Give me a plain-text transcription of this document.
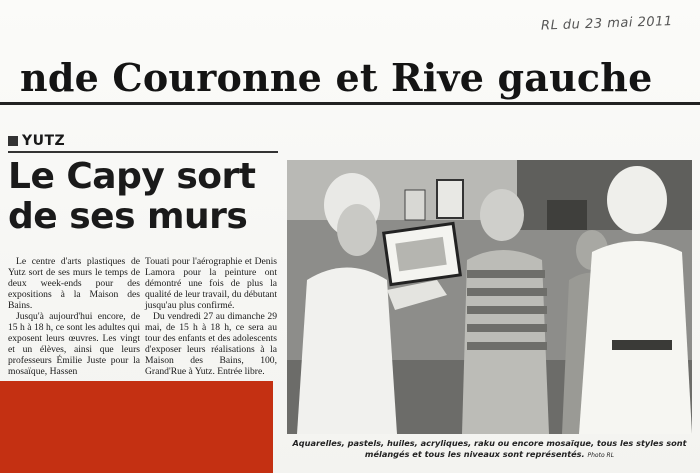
RL du 23 mai 2011
nde Couronne et Rive gauche
YUTZ
Le Capy sort
de ses murs

Le centre d'arts plastiques de Yutz sort de ses murs le temps de deux week-ends pour des expositions à la Maison des Bains.

Jusqu'à aujourd'hui encore, de 15 h à 18 h, ce sont les adultes qui exposent leurs œuvres. Les vingt et un élèves, ainsi que leurs professeurs Émilie Juste pour la mosaïque, Hassen

Touati pour l'aérographie et Denis Lamora pour la peinture ont démontré une fois de plus la qualité de leur travail, du débutant jusqu'au plus confirmé.

Du vendredi 27 au dimanche 29 mai, de 15 h à 18 h, ce sera au tour des enfants et des adolescents d'exposer leurs réalisations à la Maison des Bains, 100, Grand'Rue à Yutz. Entrée libre.

Aquarelles, pastels, huiles, acryliques, raku ou encore mosaïque, tous les styles sont mélangés et tous les niveaux sont représentés. Photo RL
